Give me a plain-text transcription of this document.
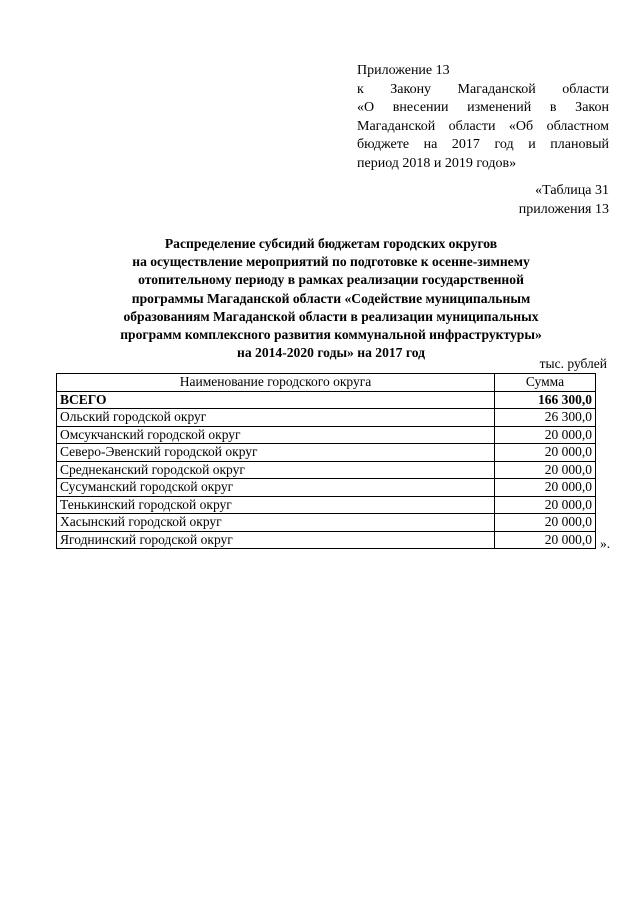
Приложение 13
к Закону Магаданской области
«О внесении изменений в Закон
Магаданской области «Об областном
бюджете на 2017 год и плановый
период 2018 и 2019 годов»
«Таблица 31
приложения 13
Распределение субсидий бюджетам городских округов
на осуществление мероприятий по подготовке к осенне-зимнему
отопительному периоду в рамках реализации государственной
программы Магаданской области «Содействие муниципальным
образованиям Магаданской области в реализации муниципальных
программ комплексного развития коммунальной инфраструктуры»
на 2014-2020 годы» на 2017 год
тыс. рублей
Наименование городского округа	Сумма
ВСЕГО	166 300,0
Ольский городской округ	26 300,0
Омсукчанский городской округ	20 000,0
Северо-Эвенский городской округ	20 000,0
Среднеканский городской округ	20 000,0
Сусуманский городской округ	20 000,0
Тенькинский городской округ	20 000,0
Хасынский городской округ	20 000,0
Ягоднинский городской округ	20 000,0 ».
